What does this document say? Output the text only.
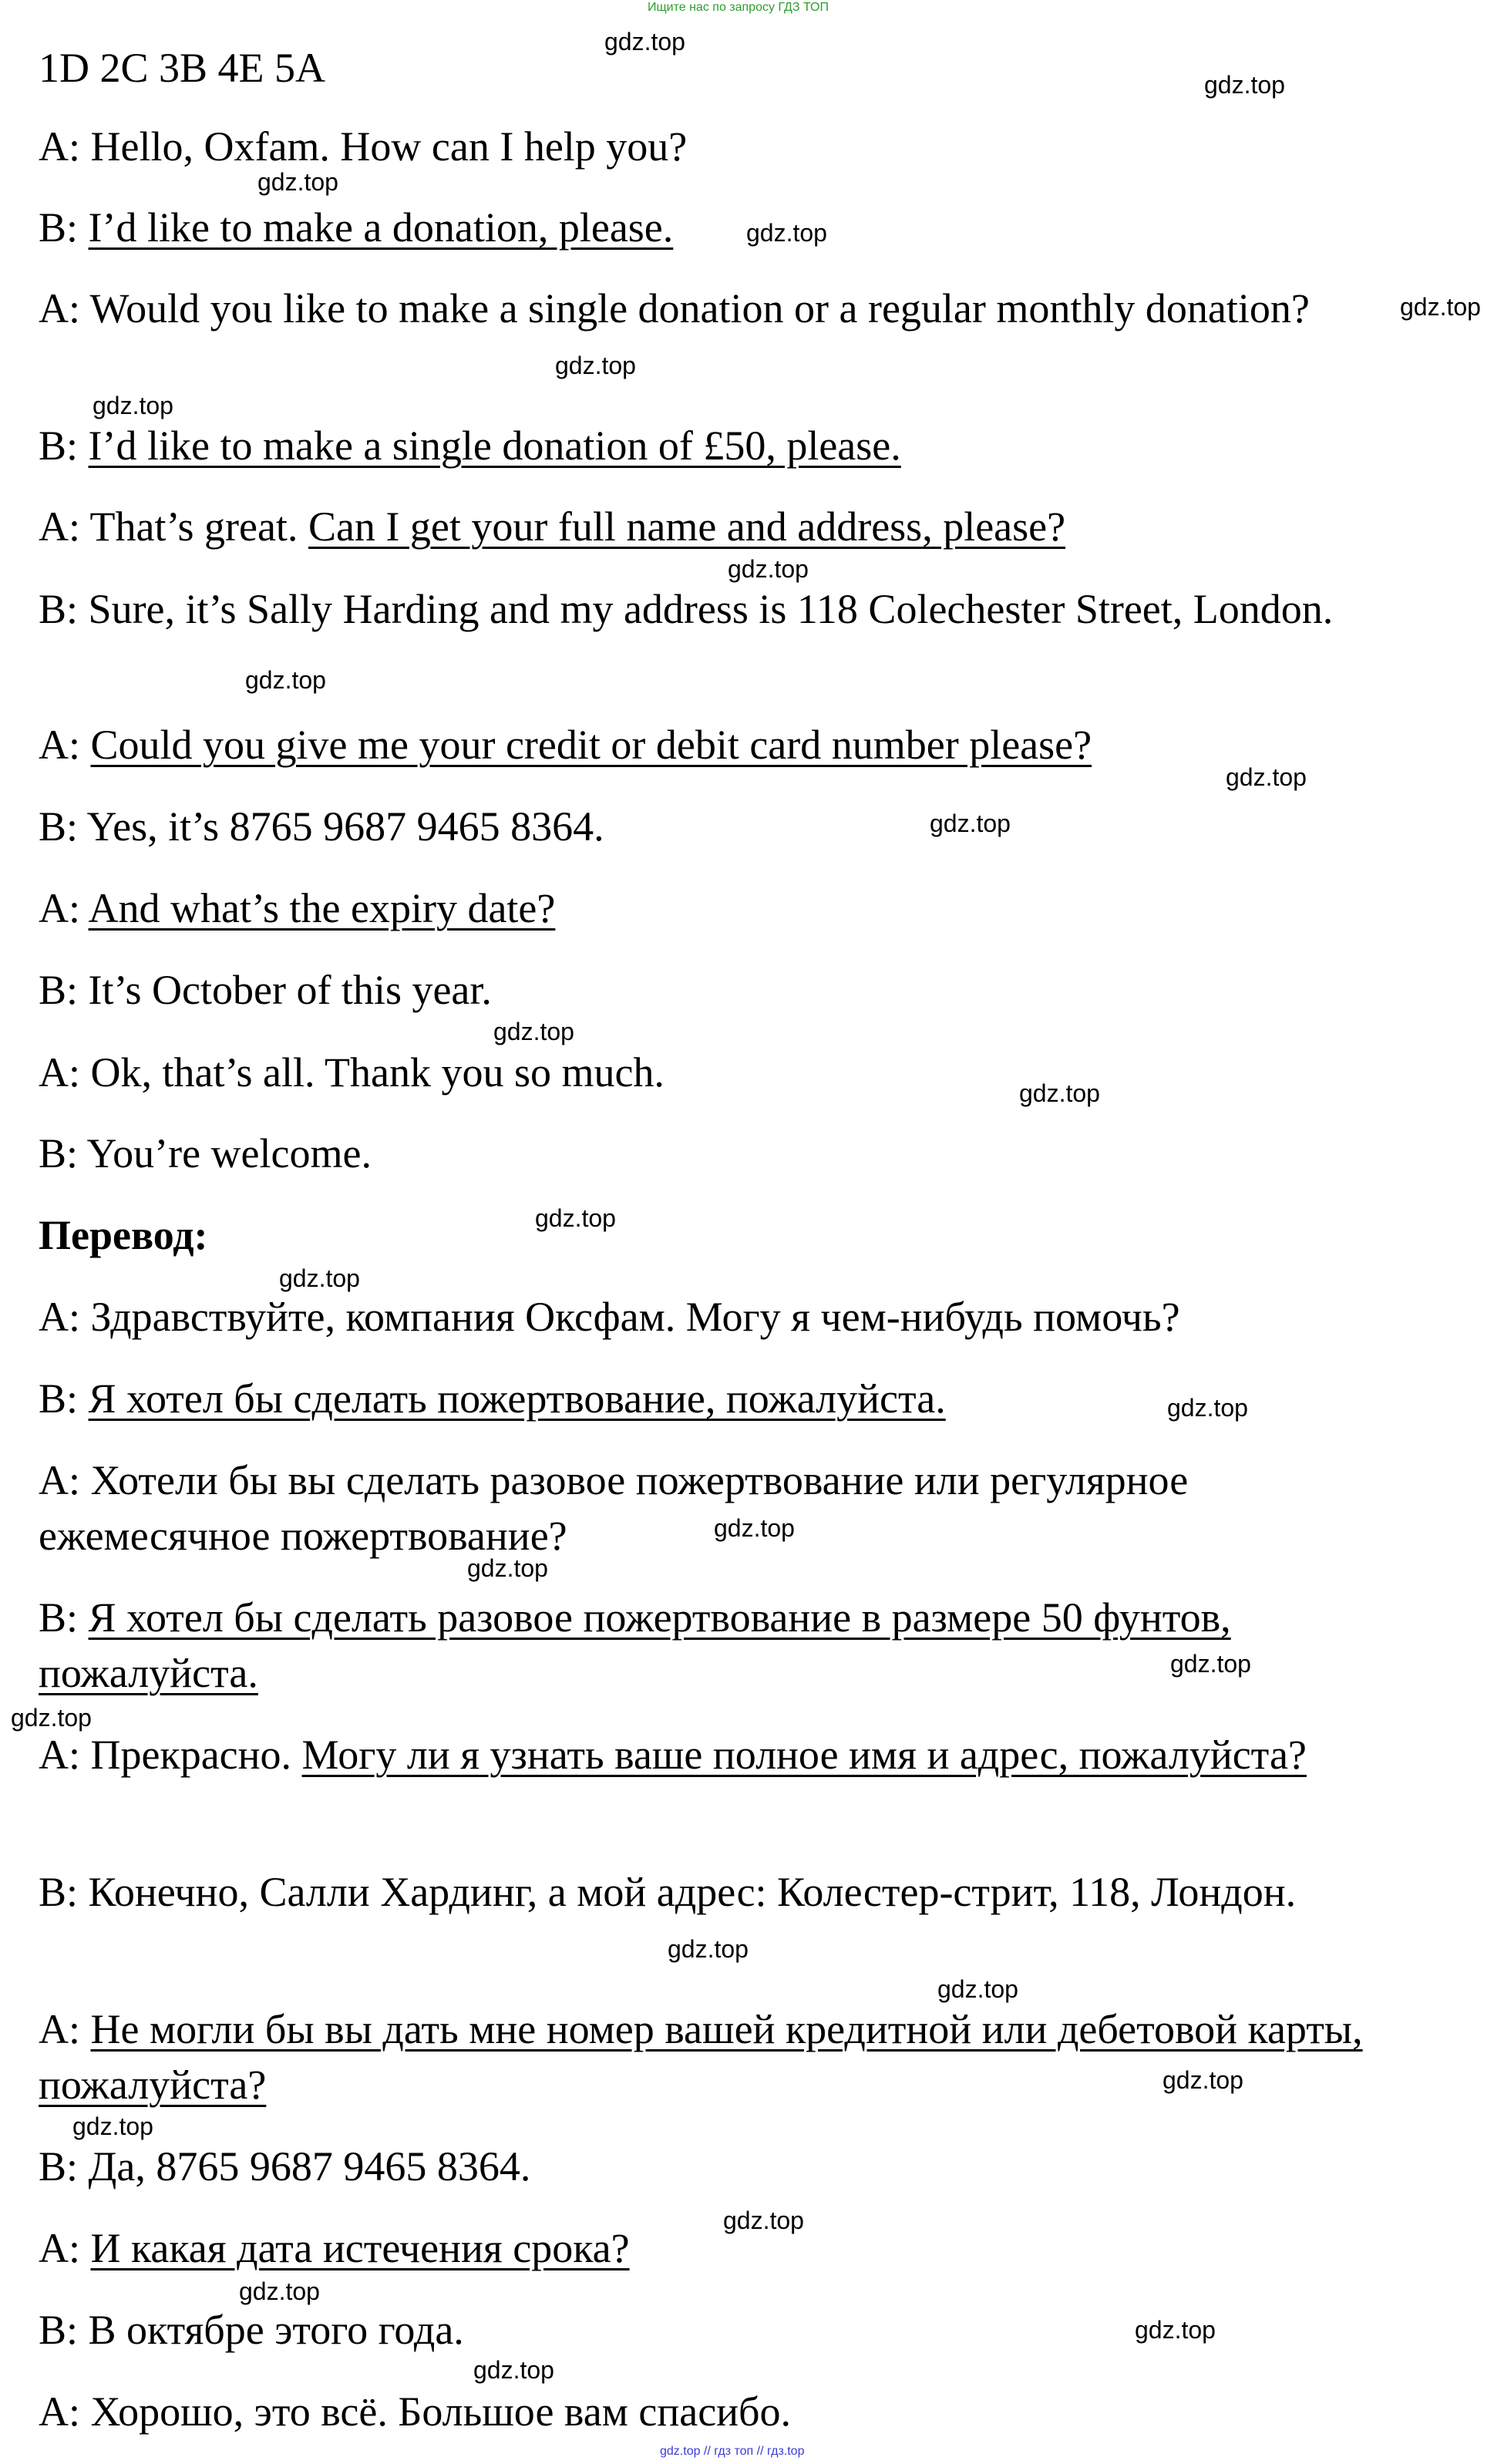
Ищите нас по запросу ГДЗ ТОП
1D 2C 3B 4E 5A
A: Hello, Oxfam. How can I help you?
B: I’d like to make a donation, please.
A: Would you like to make a single donation or a regular monthly donation?
B: I’d like to make a single donation of £50, please.
A: That’s great. Can I get your full name and address, please?
B: Sure, it’s Sally Harding and my address is 118 Colechester Street, London.
A: Could you give me your credit or debit card number please?
B: Yes, it’s 8765 9687 9465 8364.
A: And what’s the expiry date?
B: It’s October of this year.
A: Ok, that’s all. Thank you so much.
B: You’re welcome.
Перевод:
A: Здравствуйте, компания Оксфам. Могу я чем-нибудь помочь?
B: Я хотел бы сделать пожертвование, пожалуйста.
A: Хотели бы вы сделать разовое пожертвование или регулярное ежемесячное пожертвование?
B: Я хотел бы сделать разовое пожертвование в размере 50 фунтов, пожалуйста.
A: Прекрасно. Могу ли я узнать ваше полное имя и адрес, пожалуйста?
B: Конечно, Салли Хардинг, а мой адрес: Колестер-стрит, 118, Лондон.
A: Не могли бы вы дать мне номер вашей кредитной или дебетовой карты, пожалуйста?
B: Да, 8765 9687 9465 8364.
A: И какая дата истечения срока?
B: В октябре этого года.
A: Хорошо, это всё. Большое вам спасибо.
gdz.top
gdz.top
gdz.top
gdz.top
gdz.top
gdz.top
gdz.top
gdz.top
gdz.top
gdz.top
gdz.top
gdz.top
gdz.top
gdz.top
gdz.top
gdz.top
gdz.top
gdz.top
gdz.top
gdz.top
gdz.top
gdz.top
gdz.top
gdz.top
gdz.top
gdz.top
gdz.top
gdz.top
gdz.top // гдз топ // гдз.top
